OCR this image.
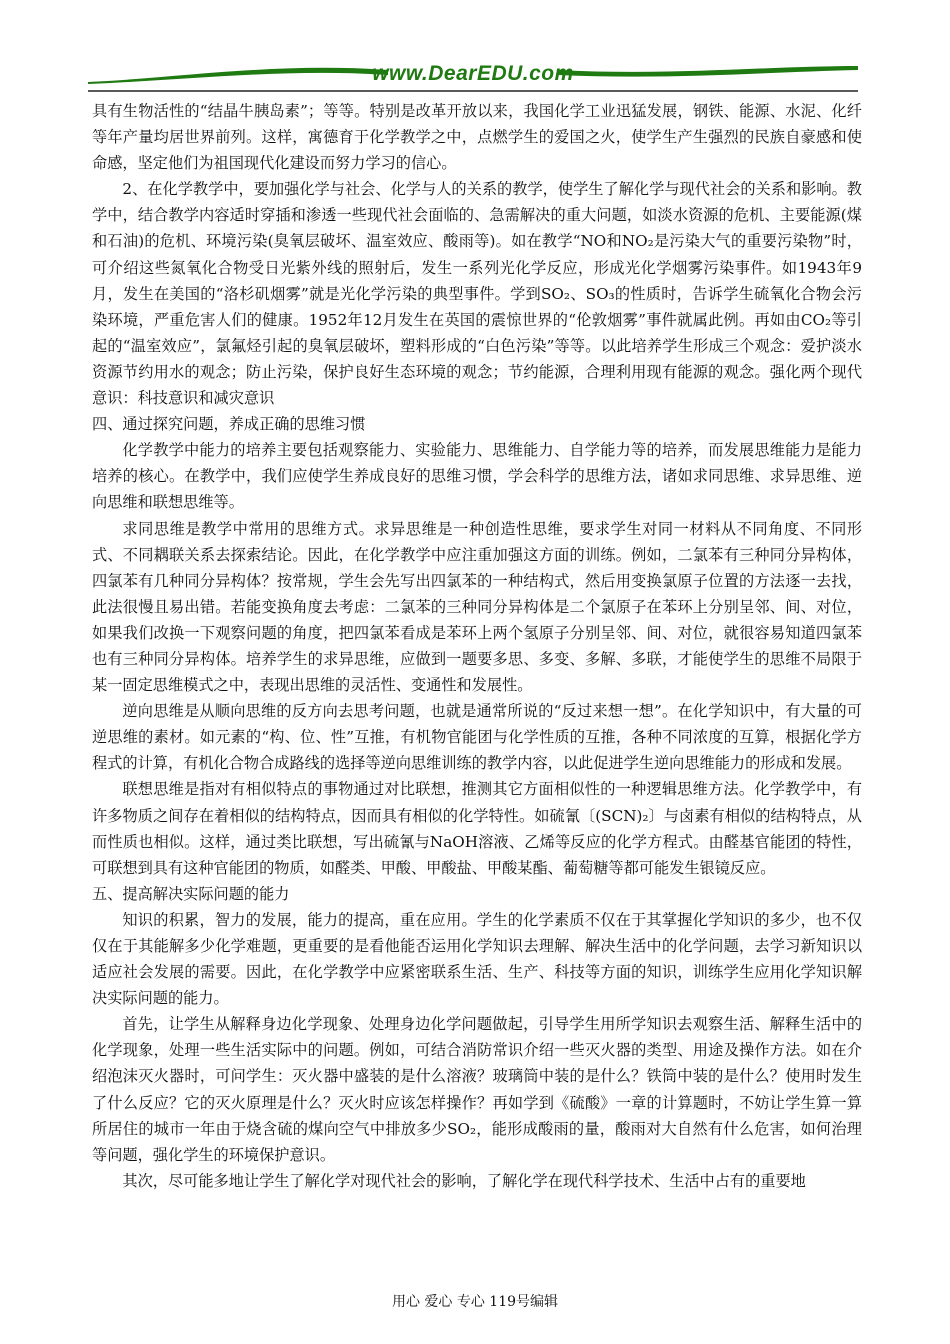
www.DearEDU.com

具有生物活性的“结晶牛胰岛素”；等等。特别是改革开放以来，我国化学工业迅猛发展，钢铁、能源、水泥、化纤等年产量均居世界前列。这样，寓德育于化学教学之中，点燃学生的爱国之火，使学生产生强烈的民族自豪感和使命感，坚定他们为祖国现代化建设而努力学习的信心。

2、在化学教学中，要加强化学与社会、化学与人的关系的教学，使学生了解化学与现代社会的关系和影响。教学中，结合教学内容适时穿插和渗透一些现代社会面临的、急需解决的重大问题，如淡水资源的危机、主要能源(煤和石油)的危机、环境污染(臭氧层破坏、温室效应、酸雨等)。如在教学“NO和NO₂是污染大气的重要污染物”时，可介绍这些氮氧化合物受日光紫外线的照射后，发生一系列光化学反应，形成光化学烟雾污染事件。如1943年9月，发生在美国的“洛杉矶烟雾”就是光化学污染的典型事件。学到SO₂、SO₃的性质时，告诉学生硫氧化合物会污染环境，严重危害人们的健康。1952年12月发生在英国的震惊世界的“伦敦烟雾”事件就属此例。再如由CO₂等引起的“温室效应”，氯氟烃引起的臭氧层破坏，塑料形成的“白色污染”等等。以此培养学生形成三个观念：爱护淡水资源节约用水的观念；防止污染，保护良好生态环境的观念；节约能源，合理利用现有能源的观念。强化两个现代意识：科技意识和减灾意识

四、通过探究问题，养成正确的思维习惯

化学教学中能力的培养主要包括观察能力、实验能力、思维能力、自学能力等的培养，而发展思维能力是能力培养的核心。在教学中，我们应使学生养成良好的思维习惯，学会科学的思维方法，诸如求同思维、求异思维、逆向思维和联想思维等。

求同思维是教学中常用的思维方式。求异思维是一种创造性思维，要求学生对同一材料从不同角度、不同形式、不同耦联关系去探索结论。因此，在化学教学中应注重加强这方面的训练。例如，二氯苯有三种同分异构体，四氯苯有几种同分异构体？按常规，学生会先写出四氯苯的一种结构式，然后用变换氯原子位置的方法逐一去找，此法很慢且易出错。若能变换角度去考虑：二氯苯的三种同分异构体是二个氯原子在苯环上分别呈邻、间、对位，如果我们改换一下观察问题的角度，把四氯苯看成是苯环上两个氢原子分别呈邻、间、对位，就很容易知道四氯苯也有三种同分异构体。培养学生的求异思维，应做到一题要多思、多变、多解、多联，才能使学生的思维不局限于某一固定思维模式之中，表现出思维的灵活性、变通性和发展性。

逆向思维是从顺向思维的反方向去思考问题，也就是通常所说的“反过来想一想”。在化学知识中，有大量的可逆思维的素材。如元素的“构、位、性”互推，有机物官能团与化学性质的互推，各种不同浓度的互算，根据化学方程式的计算，有机化合物合成路线的选择等逆向思维训练的教学内容，以此促进学生逆向思维能力的形成和发展。

联想思维是指对有相似特点的事物通过对比联想，推测其它方面相似性的一种逻辑思维方法。化学教学中，有许多物质之间存在着相似的结构特点，因而具有相似的化学特性。如硫氰〔(SCN)₂〕与卤素有相似的结构特点，从而性质也相似。这样，通过类比联想，写出硫氰与NaOH溶液、乙烯等反应的化学方程式。由醛基官能团的特性，可联想到具有这种官能团的物质，如醛类、甲酸、甲酸盐、甲酸某酯、葡萄糖等都可能发生银镜反应。

五、提高解决实际问题的能力

知识的积累，智力的发展，能力的提高，重在应用。学生的化学素质不仅在于其掌握化学知识的多少，也不仅仅在于其能解多少化学难题，更重要的是看他能否运用化学知识去理解、解决生活中的化学问题，去学习新知识以适应社会发展的需要。因此，在化学教学中应紧密联系生活、生产、科技等方面的知识，训练学生应用化学知识解决实际问题的能力。

首先，让学生从解释身边化学现象、处理身边化学问题做起，引导学生用所学知识去观察生活、解释生活中的化学现象，处理一些生活实际中的问题。例如，可结合消防常识介绍一些灭火器的类型、用途及操作方法。如在介绍泡沫灭火器时，可问学生：灭火器中盛装的是什么溶液？玻璃筒中装的是什么？铁筒中装的是什么？使用时发生了什么反应？它的灭火原理是什么？灭火时应该怎样操作？再如学到《硫酸》一章的计算题时，不妨让学生算一算所居住的城市一年由于烧含硫的煤向空气中排放多少SO₂，能形成酸雨的量，酸雨对大自然有什么危害，如何治理等问题，强化学生的环境保护意识。

其次，尽可能多地让学生了解化学对现代社会的影响，了解化学在现代科学技术、生活中占有的重要地

用心 爱心 专心 119号编辑
